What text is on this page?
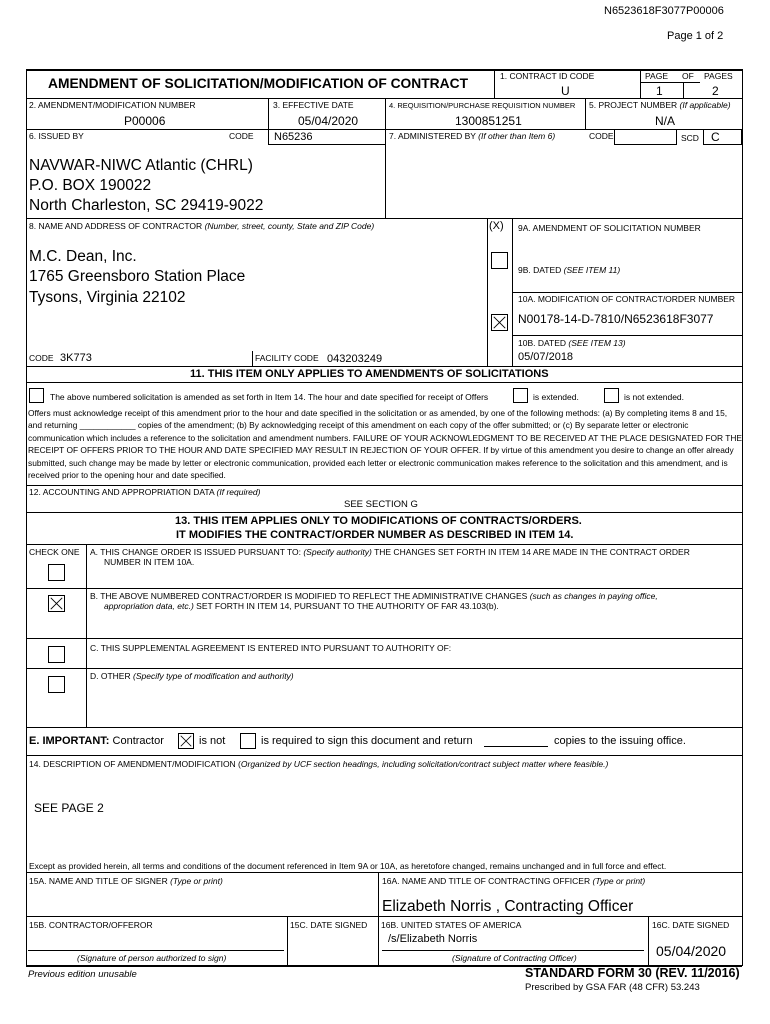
N6523618F3077P00006
Page 1 of 2
AMENDMENT OF SOLICITATION/MODIFICATION OF CONTRACT	1. CONTRACT ID CODE
U
PAGE OF PAGES
1	2
2. AMENDMENT/MODIFICATION NUMBER
P00006
3. EFFECTIVE DATE
05/04/2020
4. REQUISITION/PURCHASE REQUISITION NUMBER
1300851251
5. PROJECT NUMBER (If applicable)
N/A
6. ISSUED BY	CODE N65236	7. ADMINISTERED BY (If other than Item 6)	CODE	SCD C
NAVWAR-NIWC Atlantic (CHRL)
P.O. BOX 190022
North Charleston, SC 29419-9022
8. NAME AND ADDRESS OF CONTRACTOR (Number, street, county, State and ZIP Code)
M.C. Dean, Inc.
1765 Greensboro Station Place
Tysons, Virginia 22102
CODE 3K773	FACILITY CODE 043203249
(X) 9A. AMENDMENT OF SOLICITATION NUMBER
9B. DATED (SEE ITEM 11)
10A. MODIFICATION OF CONTRACT/ORDER NUMBER
N00178-14-D-7810/N6523618F3077
10B. DATED (SEE ITEM 13)
05/07/2018
11. THIS ITEM ONLY APPLIES TO AMENDMENTS OF SOLICITATIONS
The above numbered solicitation is amended as set forth in Item 14. The hour and date specified for receipt of Offers	is extended.	is not extended.
Offers must acknowledge receipt of this amendment prior to the hour and date specified in the solicitation or as amended, by one of the following methods: (a) By completing items 8 and 15, and returning ____________ copies of the amendment; (b) By acknowledging receipt of this amendment on each copy of the offer submitted; or (c) By separate letter or electronic communication which includes a reference to the solicitation and amendment numbers. FAILURE OF YOUR ACKNOWLEDGMENT TO BE RECEIVED AT THE PLACE DESIGNATED FOR THE RECEIPT OF OFFERS PRIOR TO THE HOUR AND DATE SPECIFIED MAY RESULT IN REJECTION OF YOUR OFFER. If by virtue of this amendment you desire to change an offer already submitted, such change may be made by letter or electronic communication, provided each letter or electronic communication makes reference to the solicitation and this amendment, and is received prior to the opening hour and date specified.
12. ACCOUNTING AND APPROPRIATION DATA (If required)
SEE SECTION G
13. THIS ITEM APPLIES ONLY TO MODIFICATIONS OF CONTRACTS/ORDERS.
IT MODIFIES THE CONTRACT/ORDER NUMBER AS DESCRIBED IN ITEM 14.
CHECK ONE A. THIS CHANGE ORDER IS ISSUED PURSUANT TO: (Specify authority) THE CHANGES SET FORTH IN ITEM 14 ARE MADE IN THE CONTRACT ORDER
NUMBER IN ITEM 10A.
B. THE ABOVE NUMBERED CONTRACT/ORDER IS MODIFIED TO REFLECT THE ADMINISTRATIVE CHANGES (such as changes in paying office,
appropriation data, etc.) SET FORTH IN ITEM 14, PURSUANT TO THE AUTHORITY OF FAR 43.103(b).
C. THIS SUPPLEMENTAL AGREEMENT IS ENTERED INTO PURSUANT TO AUTHORITY OF:
D. OTHER (Specify type of modification and authority)
E. IMPORTANT: Contractor	is not	is required to sign this document and return	copies to the issuing office.
14. DESCRIPTION OF AMENDMENT/MODIFICATION (Organized by UCF section headings, including solicitation/contract subject matter where feasible.)
SEE PAGE 2
Except as provided herein, all terms and conditions of the document referenced in Item 9A or 10A, as heretofore changed, remains unchanged and in full force and effect.
15A. NAME AND TITLE OF SIGNER (Type or print)	16A. NAME AND TITLE OF CONTRACTING OFFICER (Type or print)
Elizabeth Norris , Contracting Officer
15B. CONTRACTOR/OFFEROR	15C. DATE SIGNED 16B. UNITED STATES OF AMERICA	16C. DATE SIGNED
/s/Elizabeth Norris
05/04/2020
(Signature of person authorized to sign)	(Signature of Contracting Officer)
Previous edition unusable	STANDARD FORM 30 (REV. 11/2016)
Prescribed by GSA FAR (48 CFR) 53.243
